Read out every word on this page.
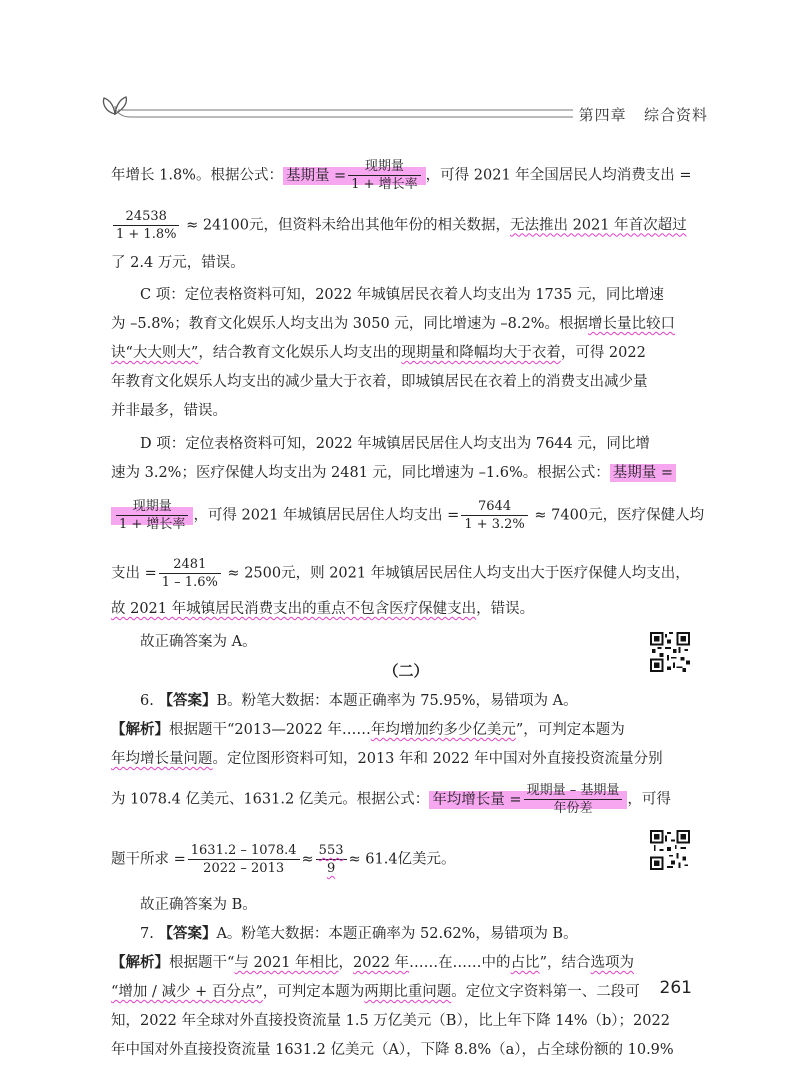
第四章 综合资料
年增长 1.8%。根据公式： 基期量 = $\frac{\text{现期量}}{\text{1 + 增长率}}$ ，可得 2021 年全国居民人均消费支出 =
$\frac{24538}{1 + 1.8\%} \approx 24100$元，但资料未给出其他年份的相关数据，无法推出 2021 年首次超过
了 2.4 万元，错误。
C 项：定位表格资料可知，2022 年城镇居民衣着人均支出为 1735 元，同比增速
为 –5.8%；教育文化娱乐人均支出为 3050 元，同比增速为 –8.2%。根据增长量比较口
诀“大大则大”，结合教育文化娱乐人均支出的现期量和降幅均大于衣着，可得 2022
年教育文化娱乐人均支出的减少量大于衣着，即城镇居民在衣着上的消费支出减少量
并非最多，错误。
D 项：定位表格资料可知，2022 年城镇居民居住人均支出为 7644 元，同比增
速为 3.2%；医疗保健人均支出为 2481 元，同比增速为 –1.6%。根据公式： 基期量 =
$\frac{\text{现期量}}{\text{1 + 增长率}}$ ，可得 2021 年城镇居民居住人均支出 = $\frac{7644}{1 + 3.2\%} \approx 7400$元，医疗保健人均
支出 = $\frac{2481}{1 - 1.6\%} \approx 2500$元，则 2021 年城镇居民居住人均支出大于医疗保健人均支出，
故 2021 年城镇居民消费支出的重点不包含医疗保健支出，错误。
故正确答案为 A。
（二）
6. 【答案】B。粉笔大数据：本题正确率为 75.95%，易错项为 A。
【解析】根据题干“2013—2022 年……年均增加约多少亿美元”，可判定本题为
年均增长量问题。定位图形资料可知，2013 年和 2022 年中国对外直接投资流量分别
为 1078.4 亿美元、1631.2 亿美元。根据公式： 年均增长量 = $\frac{\text{现期量 – 基期量}}{\text{年份差}}$ ，可得
题干所求 = $\frac{1631.2 - 1078.4}{2022 - 2013} \approx \frac{553}{9} \approx 61.4$亿美元。
故正确答案为 B。
7. 【答案】A。粉笔大数据：本题正确率为 52.62%，易错项为 B。
【解析】根据题干“与 2021 年相比，2022 年……在……中的占比”，结合选项为
“增加 / 减少 + 百分点”，可判定本题为两期比重问题。定位文字资料第一、二段可
知，2022 年全球对外直接投资流量 1.5 万亿美元（B），比上年下降 14%（b）；2022
年中国对外直接投资流量 1631.2 亿美元（A），下降 8.8%（a），占全球份额的 10.9%
261
